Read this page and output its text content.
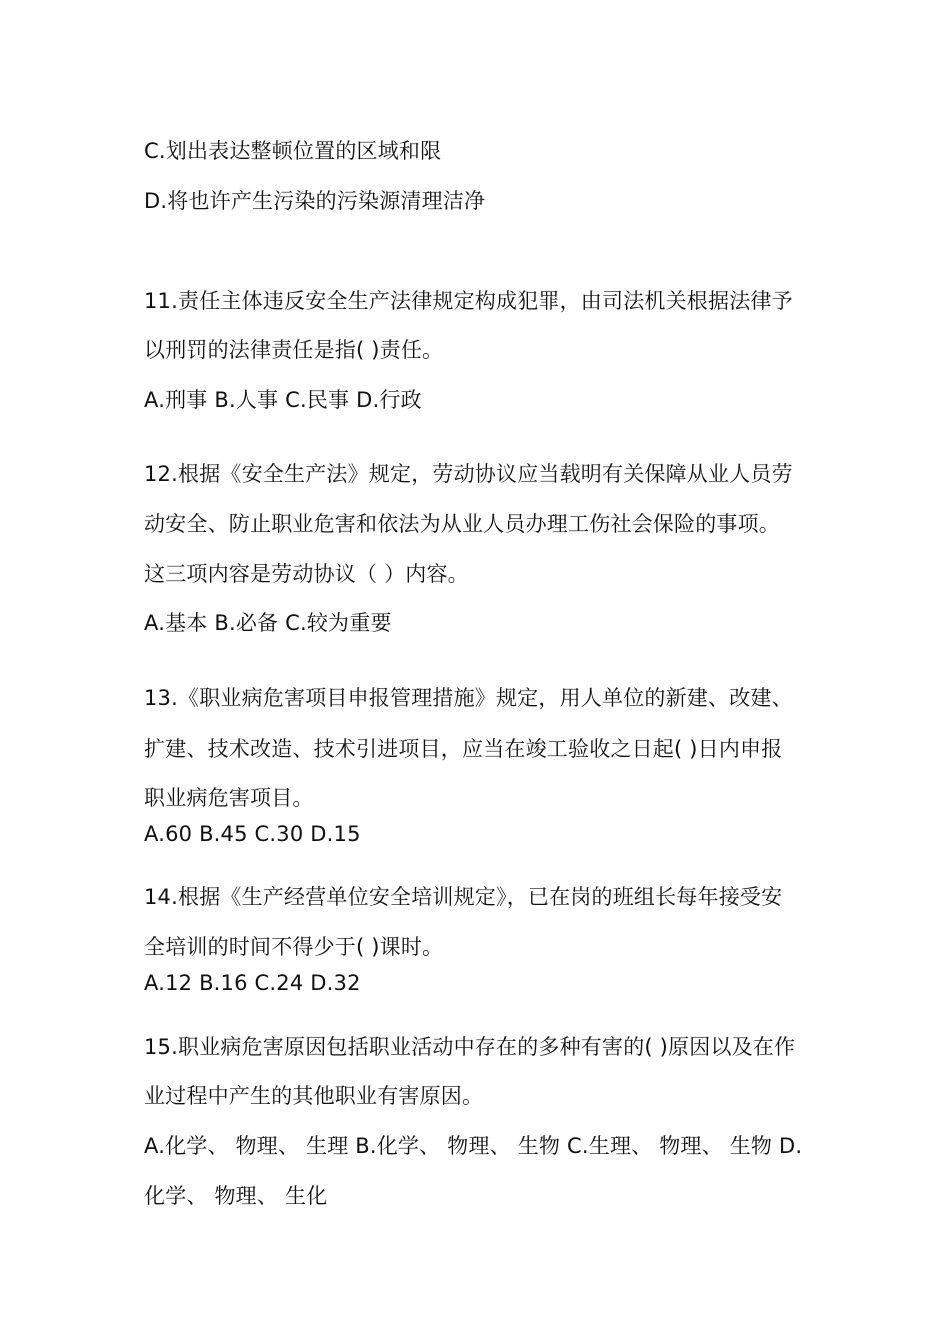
C.划出表达整顿位置的区域和限
D.将也许产生污染的污染源清理洁净
11.责任主体违反安全生产法律规定构成犯罪，由司法机关根据法律予
以刑罚的法律责任是指( )责任。
A.刑事 B.人事 C.民事 D.行政
12.根据《安全生产法》规定，劳动协议应当载明有关保障从业人员劳
动安全、防止职业危害和依法为从业人员办理工伤社会保险的事项。
这三项内容是劳动协议（ ）内容。
A.基本 B.必备 C.较为重要
13.《职业病危害项目申报管理措施》规定，用人单位的新建、改建、
扩建、技术改造、技术引进项目，应当在竣工验收之日起( )日内申报
职业病危害项目。
A.60 B.45 C.30 D.15
14.根据《生产经营单位安全培训规定》，已在岗的班组长每年接受安
全培训的时间不得少于( )课时。
A.12 B.16 C.24 D.32
15.职业病危害原因包括职业活动中存在的多种有害的( )原因以及在作
业过程中产生的其他职业有害原因。
A.化学、 物理、 生理 B.化学、 物理、 生物 C.生理、 物理、 生物 D.
化学、 物理、 生化
